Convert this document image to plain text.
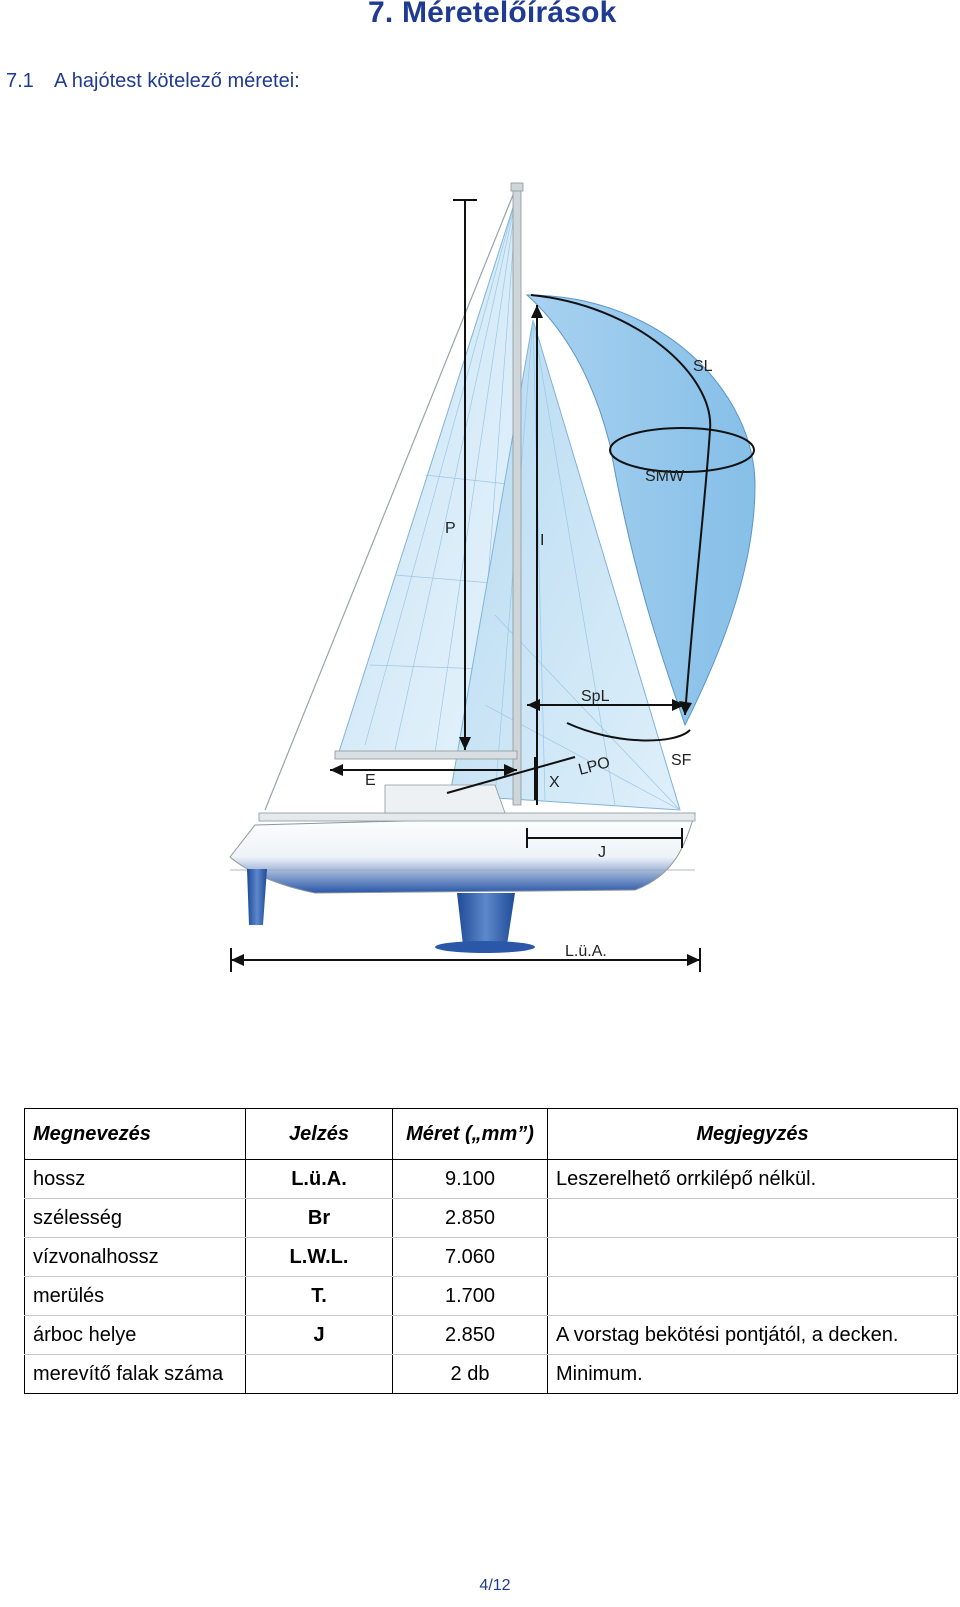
7. Méretelőírások
7.1 A hajótest kötelező méretei:
P
I
SL
SMW
SpL
SF
LPO
X
E
J
L.ü.A.
Megnevezés	Jelzés	Méret („mm”)	Megjegyzés
hossz	L.ü.A.	9.100	Leszerelhető orrkilépő nélkül.
szélesség	Br	2.850	
vízvonalhossz	L.W.L.	7.060	
merülés	T.	1.700	
árboc helye	J	2.850	A vorstag bekötési pontjától, a decken.
merevítő falak száma		2 db	Minimum.
4/12
